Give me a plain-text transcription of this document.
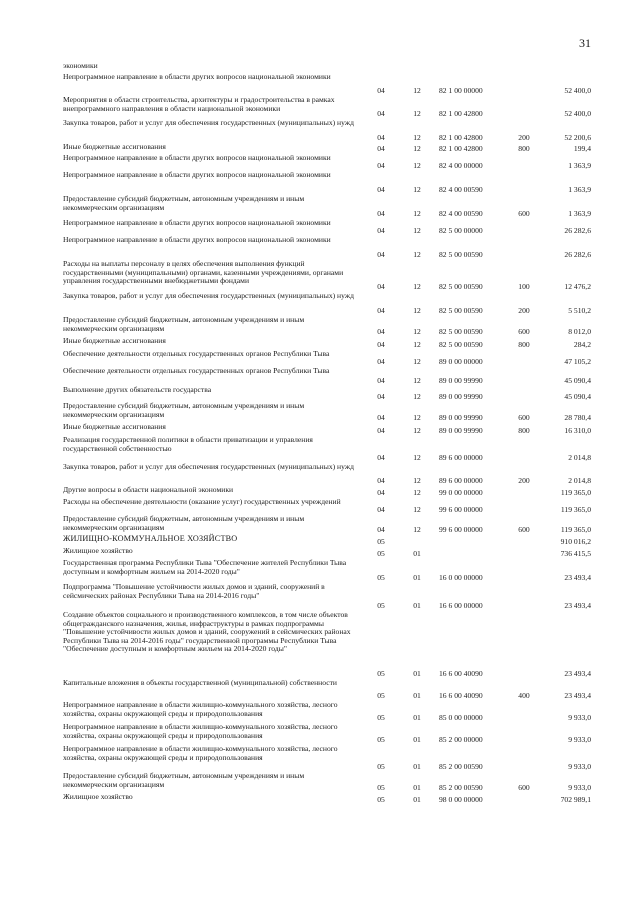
31
экономики					
Непрограммное направление в области других вопросов национальной экономики	04	12	82 1 00 00000		52 400,0
Мероприятия в области строительства, архитектуры и градостроительства в рамках внепрограммного направления в области национальной экономики	04	12	82 1 00 42800		52 400,0
Закупка товаров, работ и услуг для обеспечения государственных (муниципальных) нужд	04	12	82 1 00 42800	200	52 200,6
Иные бюджетные ассигнования	04	12	82 1 00 42800	800	199,4
Непрограммное направление в области других вопросов национальной экономики	04	12	82 4 00 00000		1 363,9
Непрограммное направление в области других вопросов национальной экономики	04	12	82 4 00 00590		1 363,9
Предоставление субсидий бюджетным, автономным учреждениям и иным некоммерческим организациям	04	12	82 4 00 00590	600	1 363,9
Непрограммное направление в области других вопросов национальной экономики	04	12	82 5 00 00000		26 282,6
Непрограммное направление в области других вопросов национальной экономики	04	12	82 5 00 00590		26 282,6
Расходы на выплаты персоналу в целях обеспечения выполнения функций государственными (муниципальными) органами, казенными учреждениями, органами управления государственными внебюджетными фондами	04	12	82 5 00 00590	100	12 476,2
Закупка товаров, работ и услуг для обеспечения государственных (муниципальных) нужд	04	12	82 5 00 00590	200	5 510,2
Предоставление субсидий бюджетным, автономным учреждениям и иным некоммерческим организациям	04	12	82 5 00 00590	600	8 012,0
Иные бюджетные ассигнования	04	12	82 5 00 00590	800	284,2
Обеспечение деятельности отдельных государственных органов Республики Тыва	04	12	89 0 00 00000		47 105,2
Обеспечение деятельности отдельных государственных органов Республики Тыва	04	12	89 0 00 99990		45 090,4
Выполнение других обязательств государства	04	12	89 0 00 99990		45 090,4
Предоставление субсидий бюджетным, автономным учреждениям и иным некоммерческим организациям	04	12	89 0 00 99990	600	28 780,4
Иные бюджетные ассигнования	04	12	89 0 00 99990	800	16 310,0
Реализация государственной политики в области приватизации и управления государственной собственностью	04	12	89 6 00 00000		2 014,8
Закупка товаров, работ и услуг для обеспечения государственных (муниципальных) нужд	04	12	89 6 00 00000	200	2 014,8
Другие вопросы в области национальной экономики	04	12	99 0 00 00000		119 365,0
Расходы на обеспечение деятельности (оказание услуг) государственных учреждений	04	12	99 6 00 00000		119 365,0
Предоставление субсидий бюджетным, автономным учреждениям и иным некоммерческим организациям	04	12	99 6 00 00000	600	119 365,0
ЖИЛИЩНО-КОММУНАЛЬНОЕ ХОЗЯЙСТВО	05				910 016,2
Жилищное хозяйство	05	01			736 415,5
Государственная программа Республики Тыва "Обеспечение жителей Республики Тыва доступным и комфортным жильем на 2014-2020 годы"	05	01	16 0 00 00000		23 493,4
Подпрограмма "Повышение устойчивости жилых домов и зданий, сооружений в сейсмических районах Республики Тыва на 2014-2016 годы"	05	01	16 6 00 00000		23 493,4
Создание объектов социального и производственного комплексов, в том числе объектов общегражданского назначения, жилья, инфраструктуры в рамках подпрограммы "Повышение устойчивости жилых домов и зданий, сооружений в сейсмических районах Республики Тыва на 2014-2016 годы" государственной программы Республики Тыва "Обеспечение доступным и комфортным жильем на 2014-2020 годы"	05	01	16 6 00 40090		23 493,4
Капитальные вложения в объекты государственной (муниципальной) собственности	05	01	16 6 00 40090	400	23 493,4
Непрограммное направление в области жилищно-коммунального хозяйства, лесного хозяйства, охраны окружающей среды и природопользования	05	01	85 0 00 00000		9 933,0
Непрограммное направление в области жилищно-коммунального хозяйства, лесного хозяйства, охраны окружающей среды и природопользования	05	01	85 2 00 00000		9 933,0
Непрограммное направление в области жилищно-коммунального хозяйства, лесного хозяйства, охраны окружающей среды и природопользования	05	01	85 2 00 00590		9 933,0
Предоставление субсидий бюджетным, автономным учреждениям и иным некоммерческим организациям	05	01	85 2 00 00590	600	9 933,0
Жилищное хозяйство	05	01	98 0 00 00000		702 989,1
